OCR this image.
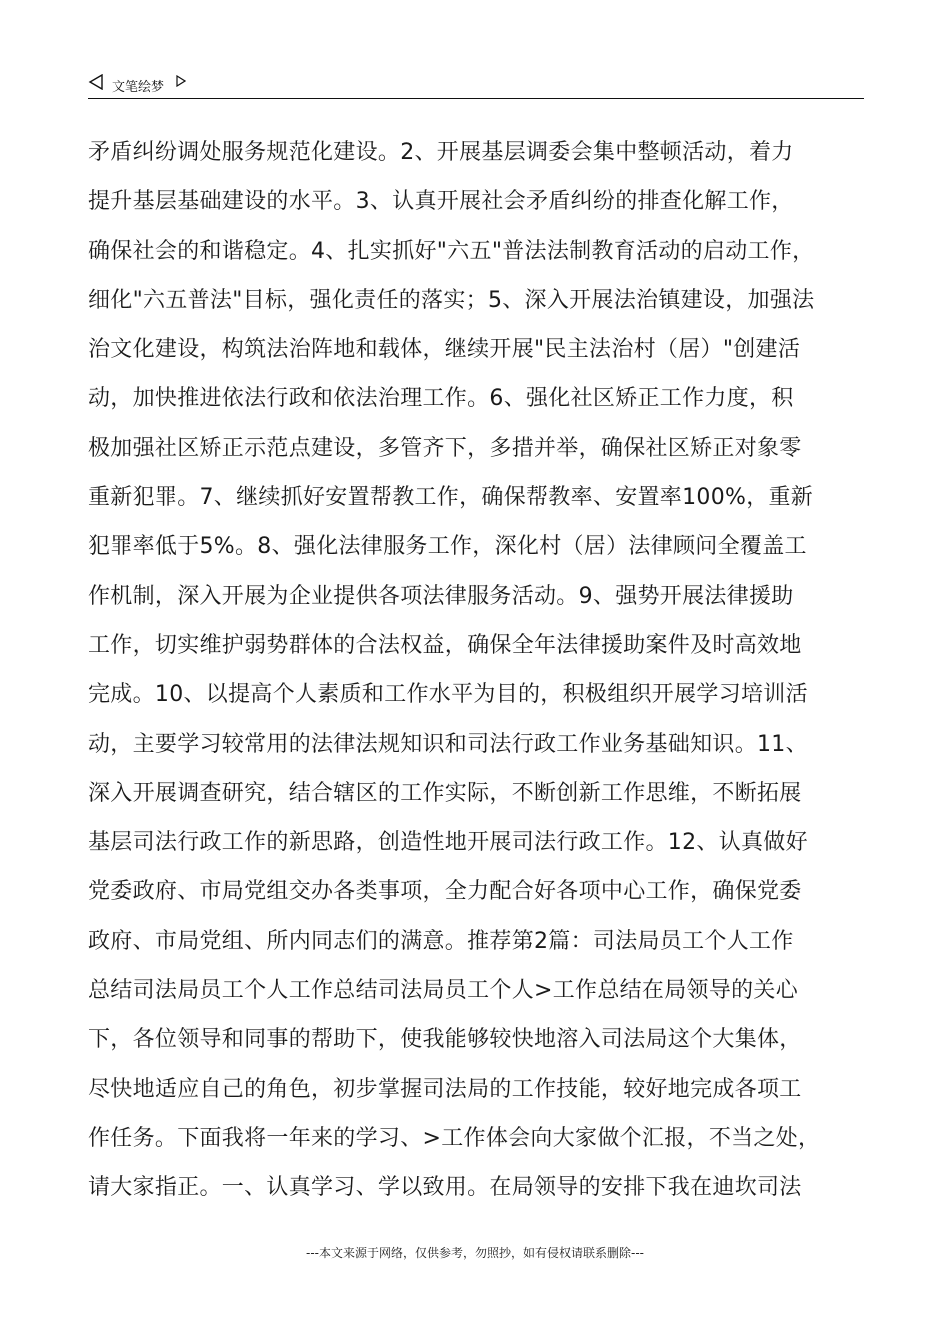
文笔绘梦
矛盾纠纷调处服务规范化建设。2、开展基层调委会集中整顿活动，着力
提升基层基础建设的水平。3、认真开展社会矛盾纠纷的排查化解工作，
确保社会的和谐稳定。4、扎实抓好"六五"普法法制教育活动的启动工作，
细化"六五普法"目标，强化责任的落实；5、深入开展法治镇建设，加强法
治文化建设，构筑法治阵地和载体，继续开展"民主法治村（居）"创建活
动，加快推进依法行政和依法治理工作。6、强化社区矫正工作力度，积
极加强社区矫正示范点建设，多管齐下，多措并举，确保社区矫正对象零
重新犯罪。7、继续抓好安置帮教工作，确保帮教率、安置率100%，重新
犯罪率低于5%。8、强化法律服务工作，深化村（居）法律顾问全覆盖工
作机制，深入开展为企业提供各项法律服务活动。9、强势开展法律援助
工作，切实维护弱势群体的合法权益，确保全年法律援助案件及时高效地
完成。10、以提高个人素质和工作水平为目的，积极组织开展学习培训活
动，主要学习较常用的法律法规知识和司法行政工作业务基础知识。11、
深入开展调查研究，结合辖区的工作实际，不断创新工作思维，不断拓展
基层司法行政工作的新思路，创造性地开展司法行政工作。12、认真做好
党委政府、市局党组交办各类事项，全力配合好各项中心工作，确保党委
政府、市局党组、所内同志们的满意。推荐第2篇：司法局员工个人工作
总结司法局员工个人工作总结司法局员工个人>工作总结在局领导的关心
下，各位领导和同事的帮助下，使我能够较快地溶入司法局这个大集体，
尽快地适应自己的角色，初步掌握司法局的工作技能，较好地完成各项工
作任务。下面我将一年来的学习、>工作体会向大家做个汇报，不当之处，
请大家指正。一、认真学习、学以致用。在局领导的安排下我在迪坎司法
---本文来源于网络，仅供参考，勿照抄，如有侵权请联系删除---
